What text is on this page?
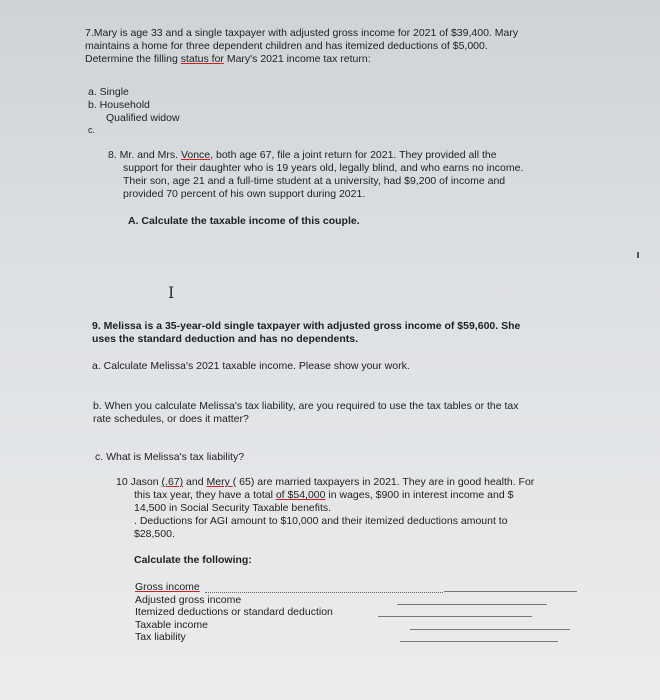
7.Mary is age 33 and a single taxpayer with adjusted gross income for 2021 of $39,400. Mary
maintains a home for three dependent children and has itemized deductions of $5,000.
Determine the filling status for Mary's 2021 income tax return:
a. Single
b. Household
Qualified widow
c.
8. Mr. and Mrs. Vonce, both age 67, file a joint return for 2021. They provided all the
support for their daughter who is 19 years old, legally blind, and who earns no income.
Their son, age 21 and a full-time student at a university, had $9,200 of income and
provided 70 percent of his own support during 2021.
A. Calculate the taxable income of this couple.
I
9. Melissa is a 35-year-old single taxpayer with adjusted gross income of $59,600. She
uses the standard deduction and has no dependents.
a. Calculate Melissa's 2021 taxable income. Please show your work.
b. When you calculate Melissa's tax liability, are you required to use the tax tables or the tax
rate schedules, or does it matter?
c. What is Melissa's tax liability?
10 Jason (.67) and Mery ( 65) are married taxpayers in 2021. They are in good health. For
this tax year, they have a total of $54,000 in wages, $900 in interest income and $
14,500 in Social Security Taxable benefits.
. Deductions for AGI amount to $10,000 and their itemized deductions amount to
$28,500.
Calculate the following:
Gross income
Adjusted gross income
Itemized deductions or standard deduction
Taxable income
Tax liability
